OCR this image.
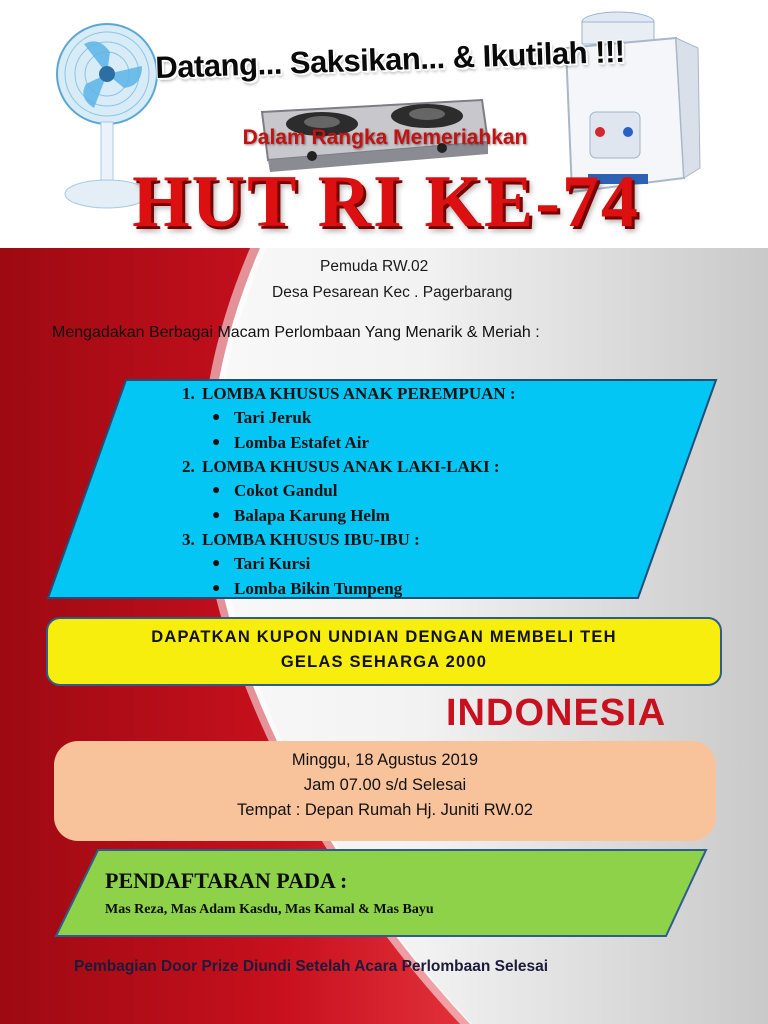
Datang... Saksikan... & Ikutilah !!!
Dalam Rangka Memeriahkan
HUT RI KE-74
Pemuda RW.02
Desa Pesarean Kec . Pagerbarang
Mengadakan Berbagai Macam Perlombaan Yang Menarik & Meriah :
1. LOMBA KHUSUS ANAK PEREMPUAN :
● Tari Jeruk
● Lomba Estafet Air
2. LOMBA KHUSUS ANAK LAKI-LAKI :
● Cokot Gandul
● Balapa Karung Helm
3. LOMBA KHUSUS IBU-IBU :
● Tari Kursi
● Lomba Bikin Tumpeng
DAPATKAN KUPON UNDIAN DENGAN MEMBELI TEH
GELAS SEHARGA 2000
INDONESIA
Minggu, 18 Agustus 2019
Jam 07.00 s/d Selesai
Tempat : Depan Rumah Hj. Juniti RW.02
PENDAFTARAN PADA :
Mas Reza, Mas Adam Kasdu, Mas Kamal & Mas Bayu
Pembagian Door Prize Diundi Setelah Acara Perlombaan Selesai
